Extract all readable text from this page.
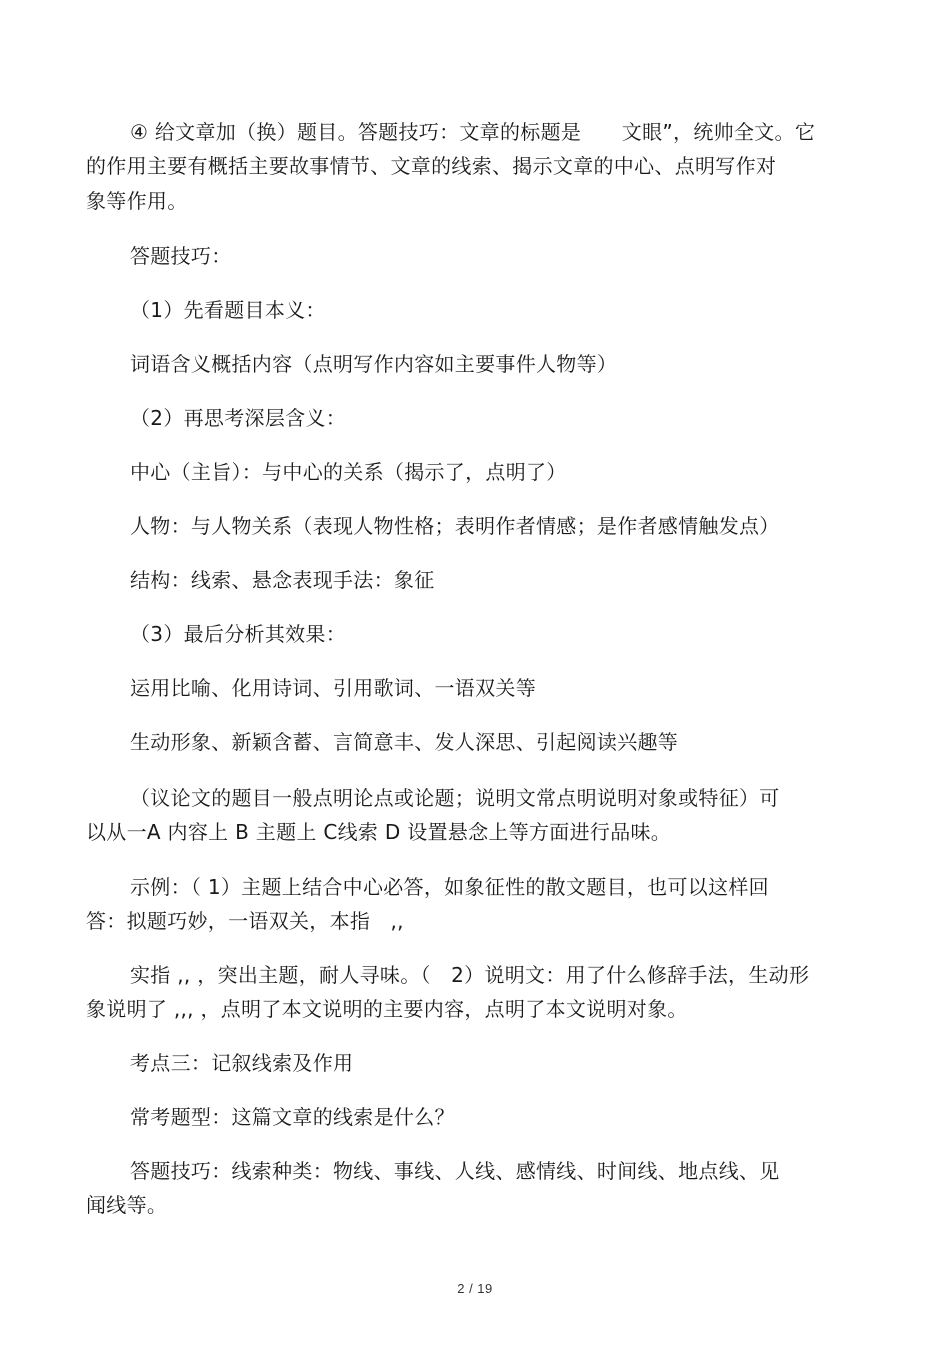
④ 给文章加（换）题目。答题技巧：文章的标题是　　文眼”，统帅全文。它
的作用主要有概括主要故事情节、文章的线索、揭示文章的中心、点明写作对
象等作用。
答题技巧：
（1）先看题目本义：
词语含义概括内容（点明写作内容如主要事件人物等）
（2）再思考深层含义：
中心（主旨）：与中心的关系（揭示了，点明了）
人物：与人物关系（表现人物性格；表明作者情感；是作者感情触发点）
结构：线索、悬念表现手法：象征
（3）最后分析其效果：
运用比喻、化用诗词、引用歌词、一语双关等
生动形象、新颖含蓄、言简意丰、发人深思、引起阅读兴趣等
（议论文的题目一般点明论点或论题；说明文常点明说明对象或特征）可
以从一A 内容上 B 主题上 C线索 D 设置悬念上等方面进行品味。
示例：（ 1）主题上结合中心必答，如象征性的散文题目，也可以这样回
答：拟题巧妙，一语双关，本指　,,
实指 ,, ，突出主题，耐人寻味。（　2）说明文：用了什么修辞手法，生动形
象说明了 ,,, ，点明了本文说明的主要内容，点明了本文说明对象。
考点三：记叙线索及作用
常考题型：这篇文章的线索是什么？
答题技巧：线索种类：物线、事线、人线、感情线、时间线、地点线、见
闻线等。
2 / 19
